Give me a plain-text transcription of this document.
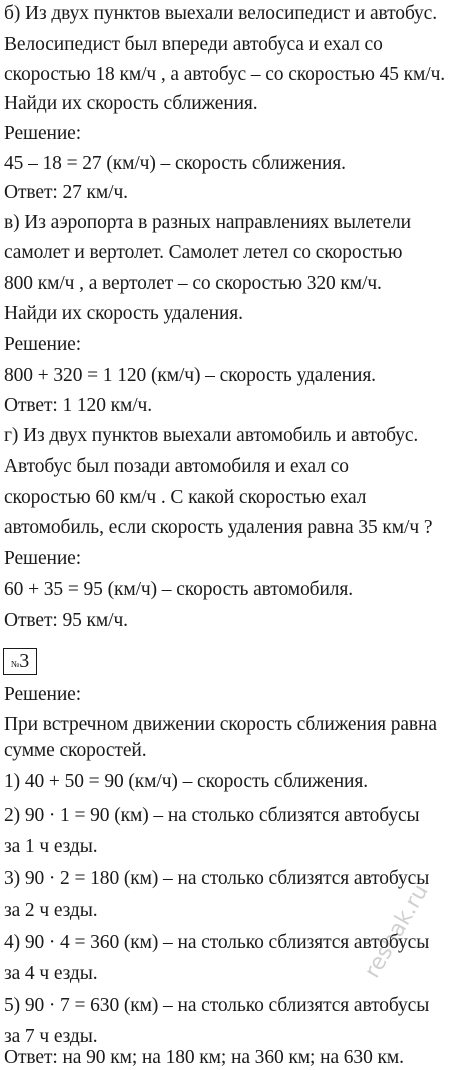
б) Из двух пунктов выехали велосипедист и автобус.
Велосипедист был впереди автобуса и ехал со
скоростью 18 км/ч , а автобус – со скоростью 45 км/ч.
Найди их скорость сближения.
Решение:
45 – 18 = 27 (км/ч) – скорость сближения.
Ответ: 27 км/ч.
в) Из аэропорта в разных направлениях вылетели
самолет и вертолет. Самолет летел со скоростью
800 км/ч , а вертолет – со скоростью 320 км/ч.
Найди их скорость удаления.
Решение:
800 + 320 = 1 120 (км/ч) – скорость удаления.
Ответ: 1 120 км/ч.
г) Из двух пунктов выехали автомобиль и автобус.
Автобус был позади автомобиля и ехал со
скоростью 60 км/ч . С какой скоростью ехал
автомобиль, если скорость удаления равна 35 км/ч ?
Решение:
60 + 35 = 95 (км/ч) – скорость автомобиля.
Ответ: 95 км/ч.
№3
Решение:
При встречном движении скорость сближения равна
сумме скоростей.
1) 40 + 50 = 90 (км/ч) – скорость сближения.
2) 90 · 1 = 90 (км) – на столько сблизятся автобусы
за 1 ч езды.
3) 90 · 2 = 180 (км) – на столько сблизятся автобусы
за 2 ч езды.
4) 90 · 4 = 360 (км) – на столько сблизятся автобусы
за 4 ч езды.
5) 90 · 7 = 630 (км) – на столько сблизятся автобусы
за 7 ч езды.
Ответ: на 90 км; на 180 км; на 360 км; на 630 км.
reshak.ru
